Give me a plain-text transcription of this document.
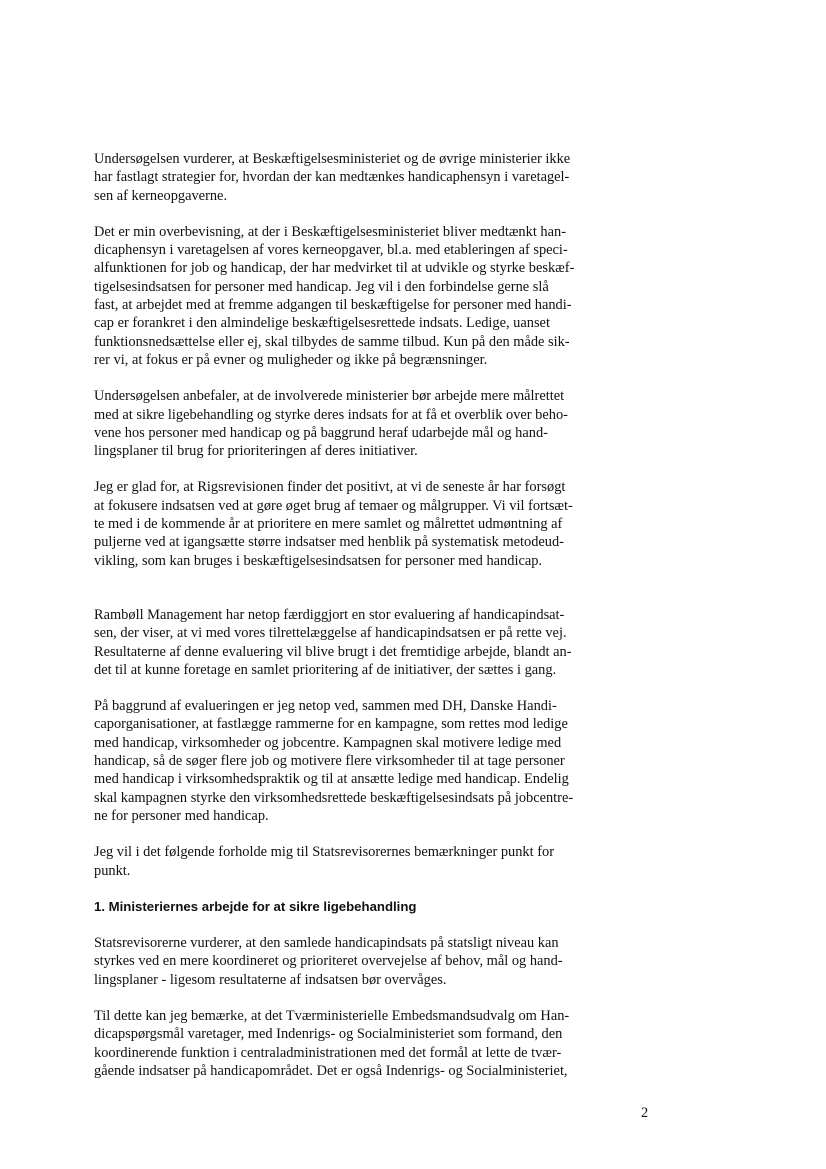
Undersøgelsen vurderer, at Beskæftigelsesministeriet og de øvrige ministerier ikke
har fastlagt strategier for, hvordan der kan medtænkes handicaphensyn i varetagel-
sen af kerneopgaverne.

Det er min overbevisning, at der i Beskæftigelsesministeriet bliver medtænkt han-
dicaphensyn i varetagelsen af vores kerneopgaver, bl.a. med etableringen af speci-
alfunktionen for job og handicap, der har medvirket til at udvikle og styrke beskæf-
tigelsesindsatsen for personer med handicap. Jeg vil i den forbindelse gerne slå
fast, at arbejdet med at fremme adgangen til beskæftigelse for personer med handi-
cap er forankret i den almindelige beskæftigelsesrettede indsats. Ledige, uanset
funktionsnedsættelse eller ej, skal tilbydes de samme tilbud. Kun på den måde sik-
rer vi, at fokus er på evner og muligheder og ikke på begrænsninger.

Undersøgelsen anbefaler, at de involverede ministerier bør arbejde mere målrettet
med at sikre ligebehandling og styrke deres indsats for at få et overblik over beho-
vene hos personer med handicap og på baggrund heraf udarbejde mål og hand-
lingsplaner til brug for prioriteringen af deres initiativer.

Jeg er glad for, at Rigsrevisionen finder det positivt, at vi de seneste år har forsøgt
at fokusere indsatsen ved at gøre øget brug af temaer og målgrupper. Vi vil fortsæt-
te med i de kommende år at prioritere en mere samlet og målrettet udmøntning af
puljerne ved at igangsætte større indsatser med henblik på systematisk metodeud-
vikling, som kan bruges i beskæftigelsesindsatsen for personer med handicap.

Rambøll Management har netop færdiggjort en stor evaluering af handicapindsat-
sen, der viser, at vi med vores tilrettelæggelse af handicapindsatsen er på rette vej.
Resultaterne af denne evaluering vil blive brugt i det fremtidige arbejde, blandt an-
det til at kunne foretage en samlet prioritering af de initiativer, der sættes i gang.

På baggrund af evalueringen er jeg netop ved, sammen med DH, Danske Handi-
caporganisationer, at fastlægge rammerne for en kampagne, som rettes mod ledige
med handicap, virksomheder og jobcentre. Kampagnen skal motivere ledige med
handicap, så de søger flere job og motivere flere virksomheder til at tage personer
med handicap i virksomhedspraktik og til at ansætte ledige med handicap. Endelig
skal kampagnen styrke den virksomhedsrettede beskæftigelsesindsats på jobcentre-
ne for personer med handicap.

Jeg vil i det følgende forholde mig til Statsrevisorernes bemærkninger punkt for
punkt.

1. Ministeriernes arbejde for at sikre ligebehandling

Statsrevisorerne vurderer, at den samlede handicapindsats på statsligt niveau kan
styrkes ved en mere koordineret og prioriteret overvejelse af behov, mål og hand-
lingsplaner - ligesom resultaterne af indsatsen bør overvåges.

Til dette kan jeg bemærke, at det Tværministerielle Embedsmandsudvalg om Han-
dicapspørgsmål varetager, med Indenrigs- og Socialministeriet som formand, den
koordinerende funktion i centraladministrationen med det formål at lette de tvær-
gående indsatser på handicapområdet. Det er også Indenrigs- og Socialministeriet,

2
